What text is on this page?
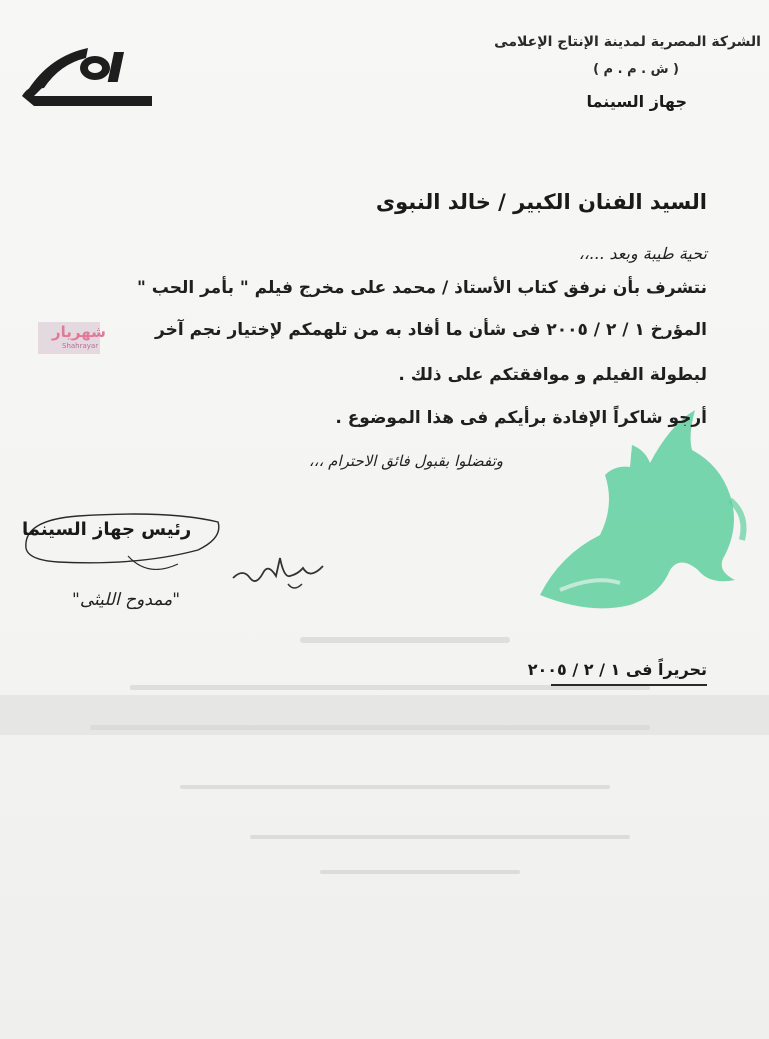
الشركة المصرية لمدينة الإنتاج الإعلامى
( ش . م . م )
جهاز السينما
شهريار
Shahrayar
السيد الفنان الكبير / خالد النبوى
تحية طيبة وبعد ...،،
نتشرف بأن نرفق كتاب الأستاذ / محمد على مخرج فيلم " بأمر الحب "
المؤرخ ١ / ٢ / ٢٠٠٥ فى شأن ما أفاد به من تلهمكم لإختيار نجم آخر
لبطولة الفيلم و موافقتكم على ذلك .
أرجو شاكراً الإفادة برأيكم فى هذا الموضوع .
وتفضلوا بقبول فائق الاحترام ،،،
رئيس جهاز السينما
"ممدوح الليثى"
تحريراً فى ١ / ٢ / ٢٠٠٥
